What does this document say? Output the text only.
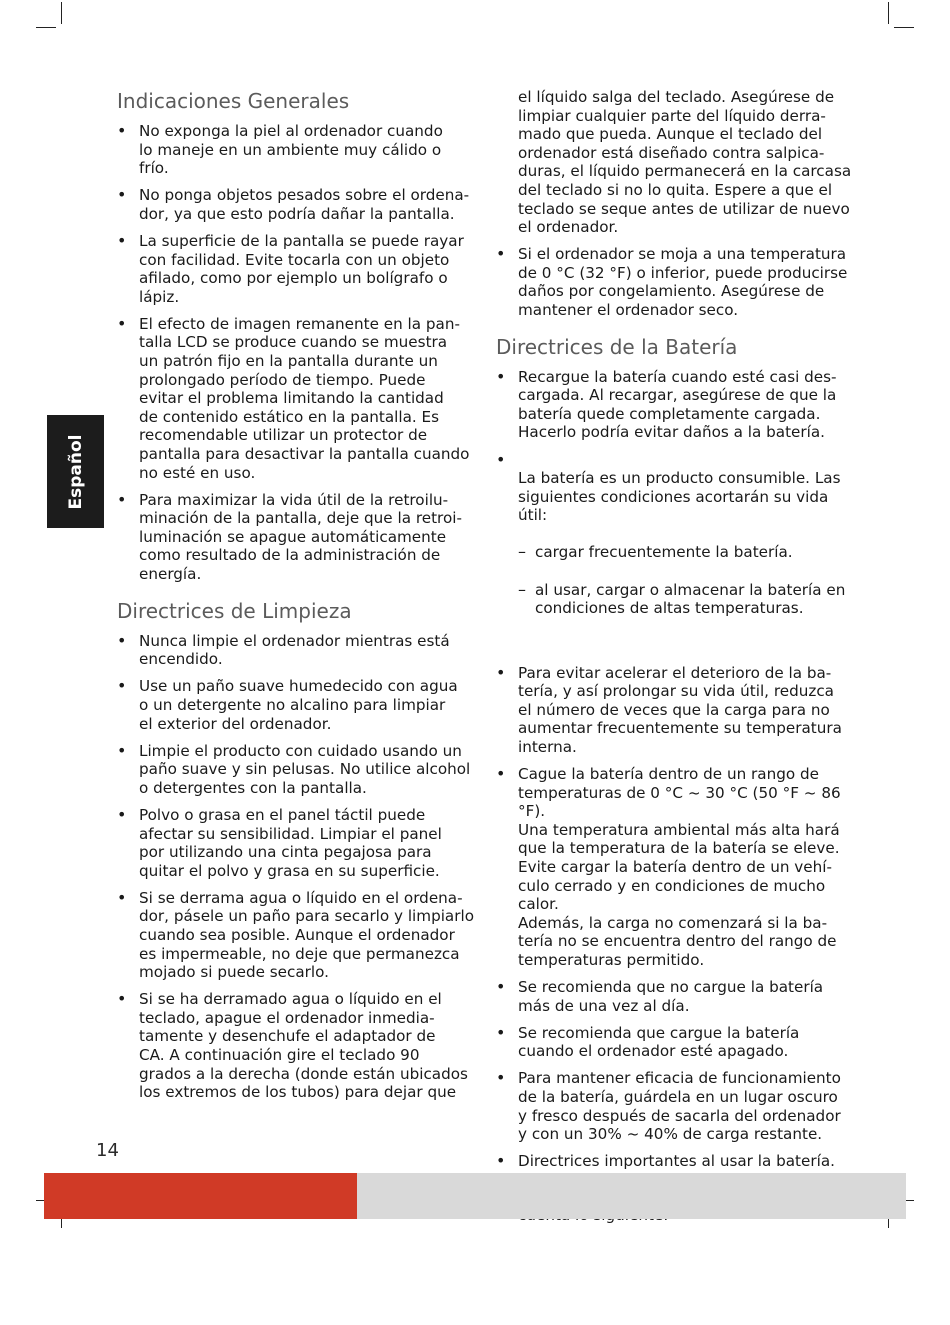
Español
Indicaciones Generales
• No exponga la piel al ordenador cuando
lo maneje en un ambiente muy cálido o
frío.
• No ponga objetos pesados sobre el ordena-
dor, ya que esto podría dañar la pantalla.
• La superficie de la pantalla se puede rayar
con facilidad. Evite tocarla con un objeto
afilado, como por ejemplo un bolígrafo o
lápiz.
• El efecto de imagen remanente en la pan-
talla LCD se produce cuando se muestra
un patrón fijo en la pantalla durante un
prolongado período de tiempo. Puede
evitar el problema limitando la cantidad
de contenido estático en la pantalla. Es
recomendable utilizar un protector de
pantalla para desactivar la pantalla cuando
no esté en uso.
• Para maximizar la vida útil de la retroilu-
minación de la pantalla, deje que la retroi-
luminación se apague automáticamente
como resultado de la administración de
energía.
Directrices de Limpieza
• Nunca limpie el ordenador mientras está
encendido.
• Use un paño suave humedecido con agua
o un detergente no alcalino para limpiar
el exterior del ordenador.
• Limpie el producto con cuidado usando un
paño suave y sin pelusas. No utilice alcohol
o detergentes con la pantalla.
• Polvo o grasa en el panel táctil puede
afectar su sensibilidad. Limpiar el panel
por utilizando una cinta pegajosa para
quitar el polvo y grasa en su superficie.
• Si se derrama agua o líquido en el ordena-
dor, pásele un paño para secarlo y limpiarlo
cuando sea posible. Aunque el ordenador
es impermeable, no deje que permanezca
mojado si puede secarlo.
• Si se ha derramado agua o líquido en el
teclado, apague el ordenador inmedia-
tamente y desenchufe el adaptador de
CA. A continuación gire el teclado 90
grados a la derecha (donde están ubicados
los extremos de los tubos) para dejar que

el líquido salga del teclado. Asegúrese de
limpiar cualquier parte del líquido derra-
mado que pueda. Aunque el teclado del
ordenador está diseñado contra salpica-
duras, el líquido permanecerá en la carcasa
del teclado si no lo quita. Espere a que el
teclado se seque antes de utilizar de nuevo
el ordenador.

• Si el ordenador se moja a una temperatura
de 0 °C (32 °F) o inferior, puede producirse
daños por congelamiento. Asegúrese de
mantener el ordenador seco.
Directrices de la Batería
• Recargue la batería cuando esté casi des-
cargada. Al recargar, asegúrese de que la
batería quede completamente cargada.
Hacerlo podría evitar daños a la batería.

• La batería es un producto consumible. Las
siguientes condiciones acortarán su vida útil:

– cargar frecuentemente la batería.

– al usar, cargar o almacenar la batería en
condiciones de altas temperaturas.

• Para evitar acelerar el deterioro de la ba-
tería, y así prolongar su vida útil, reduzca
el número de veces que la carga para no
aumentar frecuentemente su temperatura
interna.
• Cague la batería dentro de un rango de
temperaturas de 0 °C ~ 30 °C (50 °F ~ 86 °F).
Una temperatura ambiental más alta hará
que la temperatura de la batería se eleve.
Evite cargar la batería dentro de un vehí-
culo cerrado y en condiciones de mucho
calor.
Además, la carga no comenzará si la ba-
tería no se encuentra dentro del rango de
temperaturas permitido.
• Se recomienda que no cargue la batería
más de una vez al día.
• Se recomienda que cargue la batería
cuando el ordenador esté apagado.
• Para mantener eficacia de funcionamiento
de la batería, guárdela en un lugar oscuro
y fresco después de sacarla del ordenador
y con un 30% ~ 40% de carga restante.
• Directrices importantes al usar la batería.

14
